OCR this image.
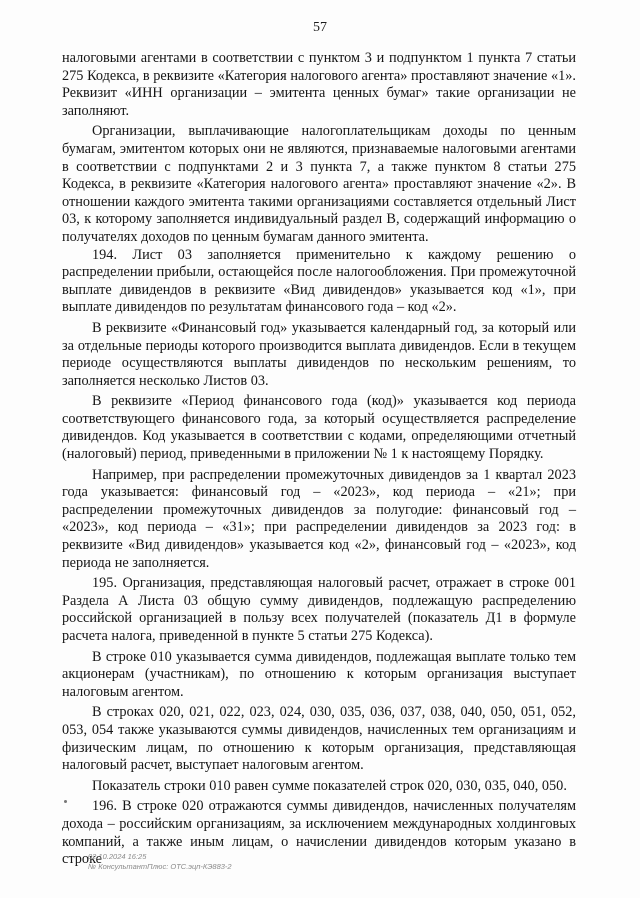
57

налоговыми агентами в соответствии с пунктом 3 и подпунктом 1 пункта 7 статьи 275 Кодекса, в реквизите «Категория налогового агента» проставляют значение «1». Реквизит «ИНН организации – эмитента ценных бумаг» такие организации не заполняют.

Организации, выплачивающие налогоплательщикам доходы по ценным бумагам, эмитентом которых они не являются, признаваемые налоговыми агентами в соответствии с подпунктами 2 и 3 пункта 7, а также пунктом 8 статьи 275 Кодекса, в реквизите «Категория налогового агента» проставляют значение «2». В отношении каждого эмитента такими организациями составляется отдельный Лист 03, к которому заполняется индивидуальный раздел В, содержащий информацию о получателях доходов по ценным бумагам данного эмитента.

194. Лист 03 заполняется применительно к каждому решению о распределении прибыли, остающейся после налогообложения. При промежуточной выплате дивидендов в реквизите «Вид дивидендов» указывается код «1», при выплате дивидендов по результатам финансового года – код «2».

В реквизите «Финансовый год» указывается календарный год, за который или за отдельные периоды которого производится выплата дивидендов. Если в текущем периоде осуществляются выплаты дивидендов по нескольким решениям, то заполняется несколько Листов 03.

В реквизите «Период финансового года (код)» указывается код периода соответствующего финансового года, за который осуществляется распределение дивидендов. Код указывается в соответствии с кодами, определяющими отчетный (налоговый) период, приведенными в приложении № 1 к настоящему Порядку.

Например, при распределении промежуточных дивидендов за 1 квартал 2023 года указывается: финансовый год – «2023», код периода – «21»; при распределении промежуточных дивидендов за полугодие: финансовый год – «2023», код периода – «31»; при распределении дивидендов за 2023 год: в реквизите «Вид дивидендов» указывается код «2», финансовый год – «2023», код периода не заполняется.

195. Организация, представляющая налоговый расчет, отражает в строке 001 Раздела А Листа 03 общую сумму дивидендов, подлежащую распределению российской организацией в пользу всех получателей (показатель Д1 в формуле расчета налога, приведенной в пункте 5 статьи 275 Кодекса).

В строке 010 указывается сумма дивидендов, подлежащая выплате только тем акционерам (участникам), по отношению к которым организация выступает налоговым агентом.

В строках 020, 021, 022, 023, 024, 030, 035, 036, 037, 038, 040, 050, 051, 052, 053, 054 также указываются суммы дивидендов, начисленных тем организациям и физическим лицам, по отношению к которым организация, представляющая налоговый расчет, выступает налоговым агентом.

Показатель строки 010 равен сумме показателей строк 020, 030, 035, 040, 050.

196. В строке 020 отражаются суммы дивидендов, начисленных получателям дохода – российским организациям, за исключением международных холдинговых компаний, а также иным лицам, о начислении дивидендов которым указано в строке

02.10.2024 16:25
№ КонсультантПлюс: ОТС.эцп-КЭ883-2
